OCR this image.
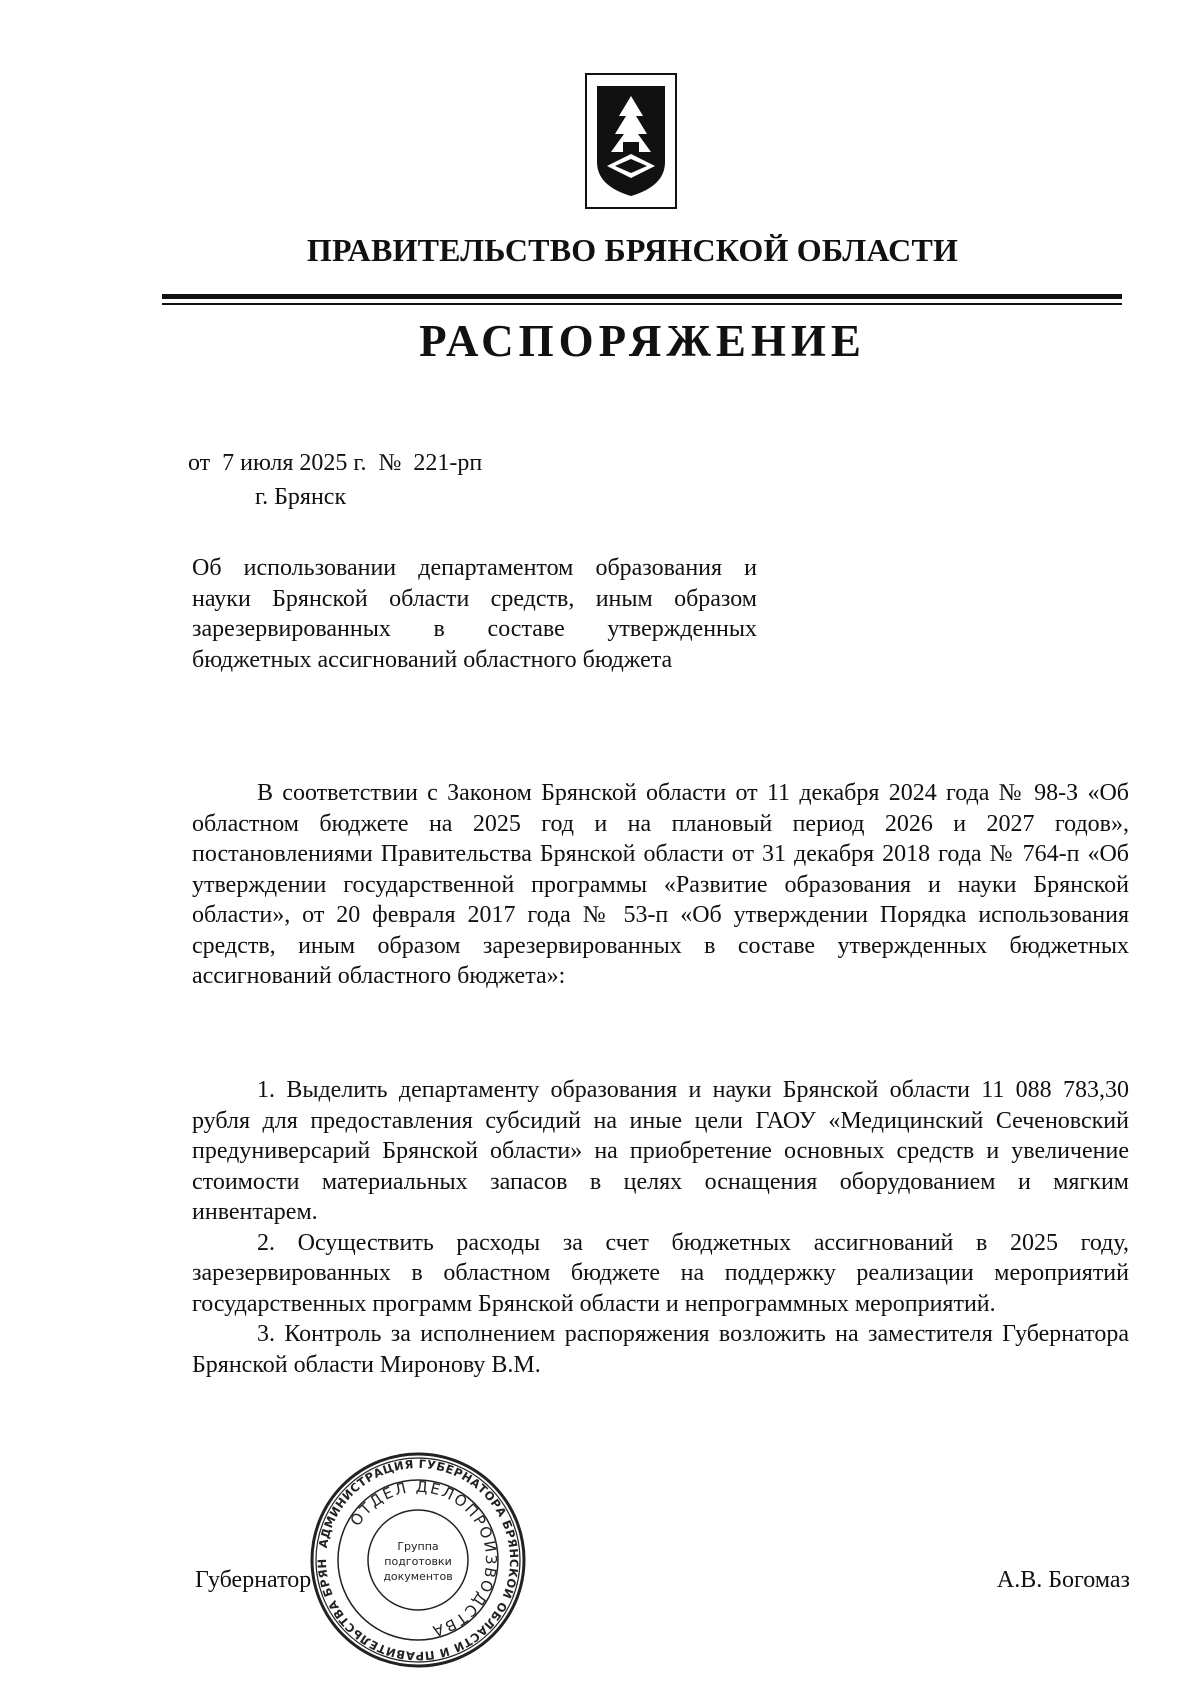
ПРАВИТЕЛЬСТВО БРЯНСКОЙ ОБЛАСТИ
РАСПОРЯЖЕНИЕ
от 7 июля 2025 г. № 221-рп
г. Брянск
Об использовании департаментом образования и науки Брянской области средств, иным образом зарезервированных в составе утвержденных бюджетных ассигнований областного бюджета

В соответствии с Законом Брянской области от 11 декабря 2024 года № 98-З «Об областном бюджете на 2025 год и на плановый период 2026 и 2027 годов», постановлениями Правительства Брянской области от 31 декабря 2018 года № 764-п «Об утверждении государственной программы «Развитие образования и науки Брянской области», от 20 февраля 2017 года № 53-п «Об утверждении Порядка использования средств, иным образом зарезервированных в составе утвержденных бюджетных ассигнований областного бюджета»:

1. Выделить департаменту образования и науки Брянской области 11 088 783,30 рубля для предоставления субсидий на иные цели ГАОУ «Медицинский Сеченовский предуниверсарий Брянской области» на приобретение основных средств и увеличение стоимости материальных запасов в целях оснащения оборудованием и мягким инвентарем.

2. Осуществить расходы за счет бюджетных ассигнований в 2025 году, зарезервированных в областном бюджете на поддержку реализации мероприятий государственных программ Брянской области и непрограммных мероприятий.

3. Контроль за исполнением распоряжения возложить на заместителя Губернатора Брянской области Миронову В.М.

Губернатор	А.В. Богомаз
АДМИНИСТРАЦИЯ ГУБЕРНАТОРА БРЯНСКОЙ ОБЛАСТИ И ПРАВИТЕЛЬСТВА БРЯН
ОТДЕЛ ДЕЛОПРОИЗВОДСТВА
Группа
подготовки
документов
